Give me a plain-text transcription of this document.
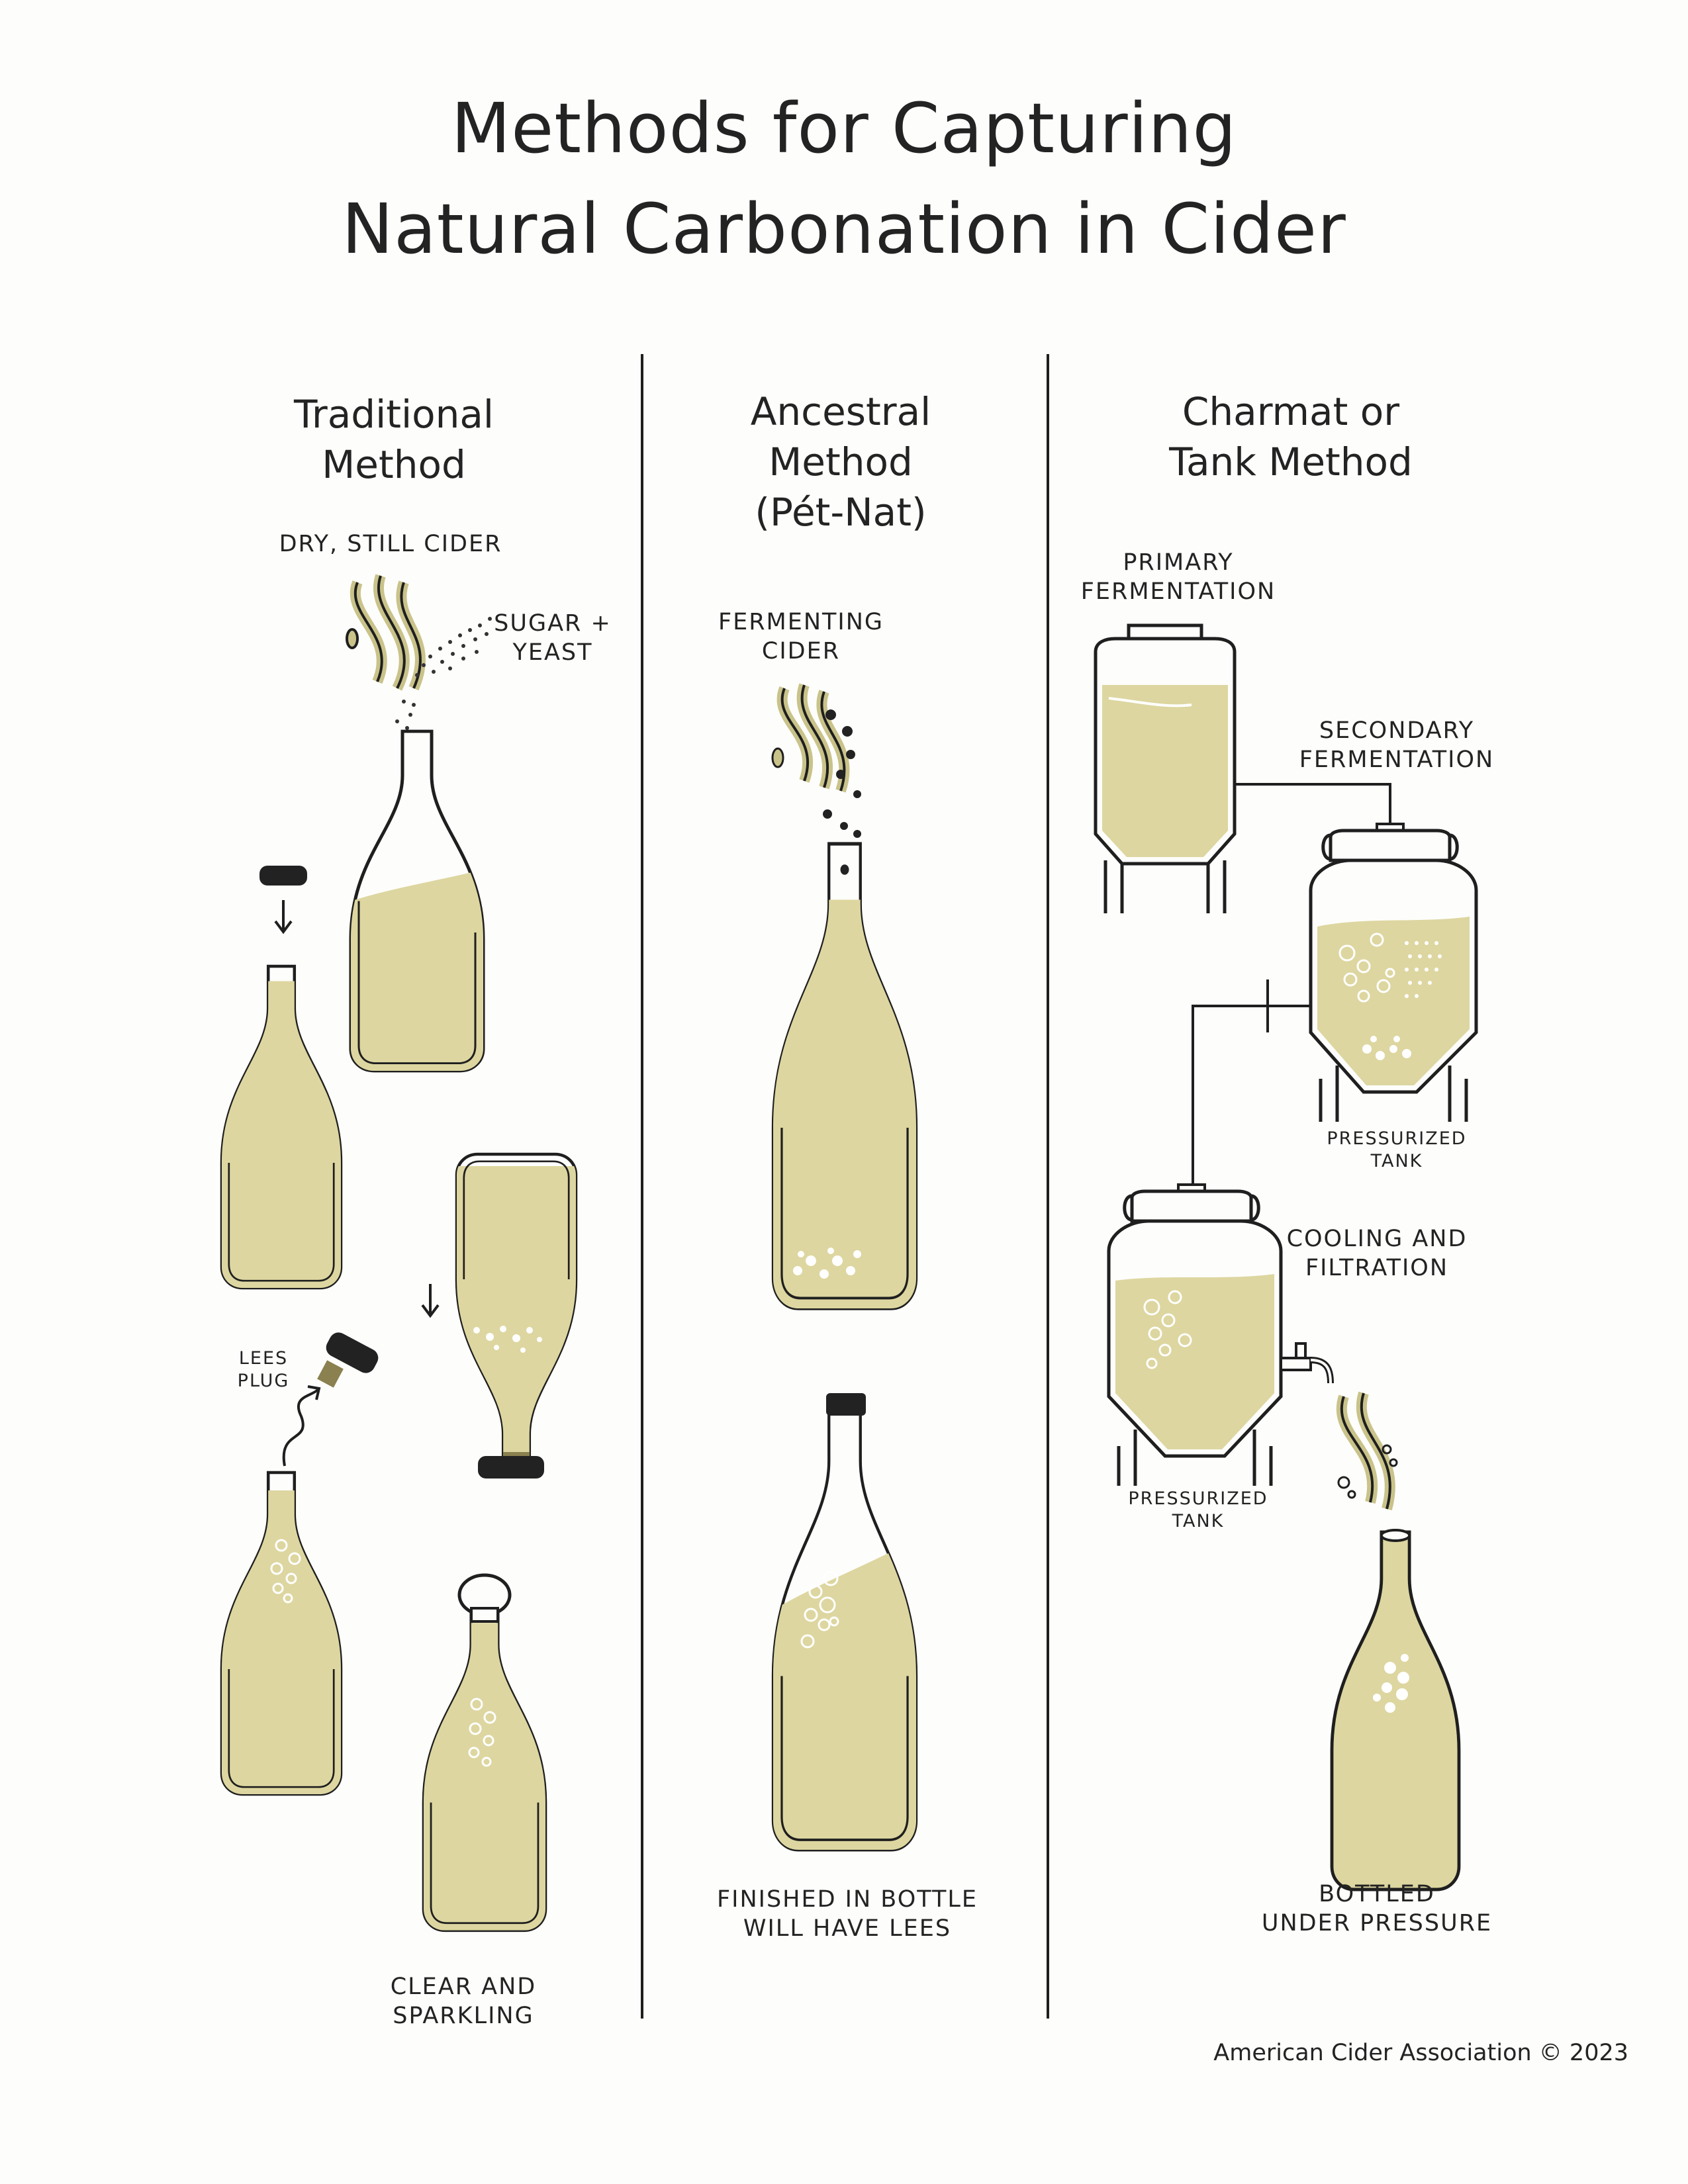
Methods for Capturing
Natural Carbonation in Cider
Traditional
Method
Ancestral
Method
(Pét-Nat)
Charmat or
Tank Method
DRY, STILL CIDER
SUGAR +
YEAST
LEES
PLUG
CLEAR AND
SPARKLING
FERMENTING
CIDER
FINISHED IN BOTTLE
WILL HAVE LEES
PRIMARY
FERMENTATION
SECONDARY
FERMENTATION
PRESSURIZED
TANK
COOLING AND
FILTRATION
PRESSURIZED
TANK
BOTTLED
UNDER PRESSURE
American Cider Association © 2023
